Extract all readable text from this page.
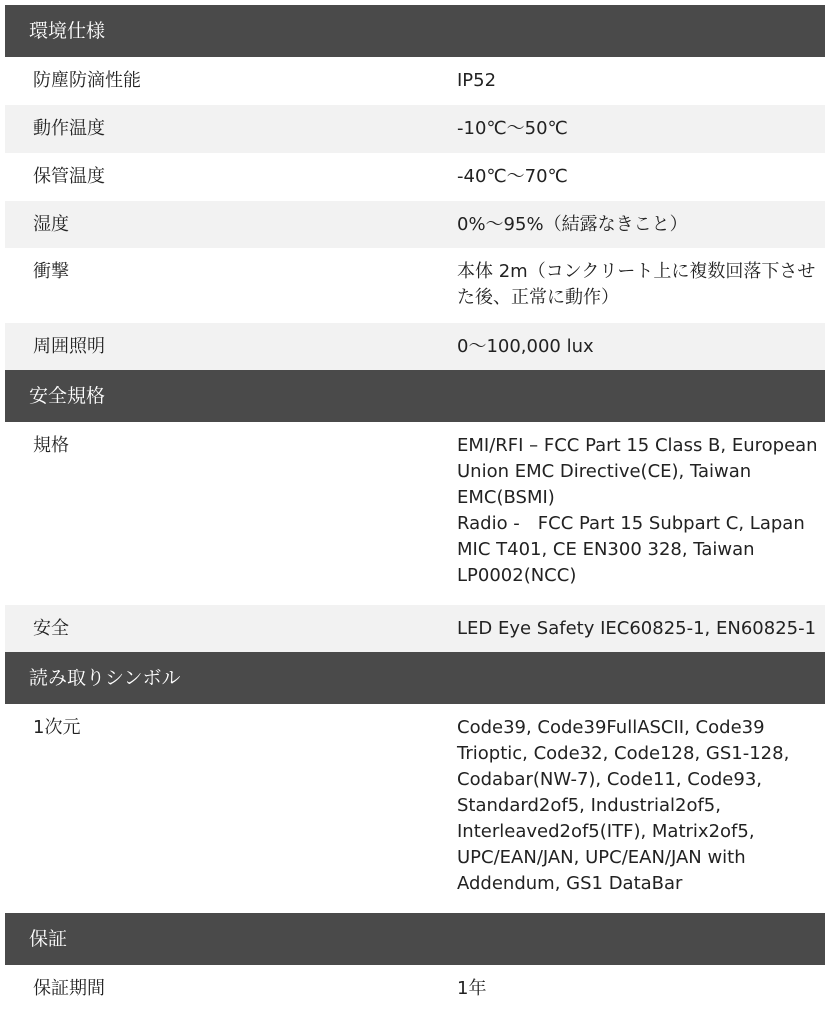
環境仕様
防塵防滴性能	IP52
動作温度	-10℃～50℃
保管温度	-40℃～70℃
湿度	0%～95%（結露なきこと）
衝撃	本体 2m（コンクリート上に複数回落下させた後、正常に動作）
周囲照明	0～100,000 lux
安全規格
規格	EMI/RFI – FCC Part 15 Class B, European Union EMC Directive(CE), Taiwan EMC(BSMI)
Radio -　FCC Part 15 Subpart C, Lapan MIC T401, CE EN300 328, Taiwan LP0002(NCC)
安全	LED Eye Safety IEC60825-1, EN60825-1
読み取りシンボル
1次元	Code39, Code39FullASCII, Code39 Trioptic, Code32, Code128, GS1-128, Codabar(NW-7), Code11, Code93, Standard2of5, Industrial2of5, Interleaved2of5(ITF), Matrix2of5, UPC/EAN/JAN, UPC/EAN/JAN with Addendum, GS1 DataBar
保証
保証期間	1年
